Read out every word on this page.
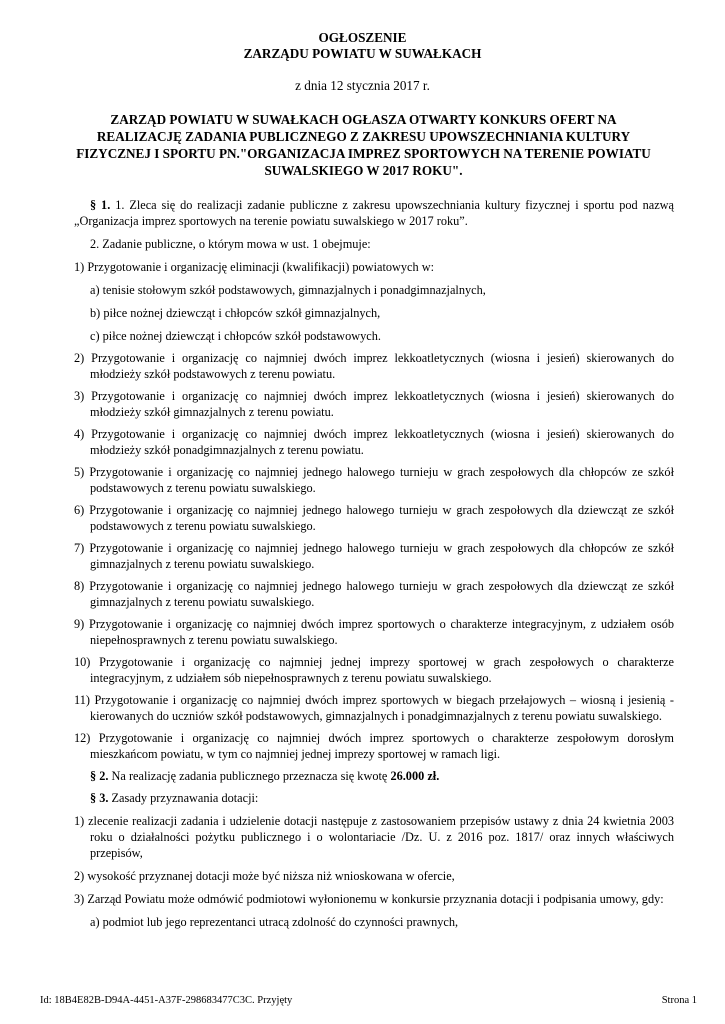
OGŁOSZENIE
ZARZĄDU POWIATU W SUWAŁKACH
z dnia 12 stycznia 2017 r.
ZARZĄD POWIATU W SUWAŁKACH OGŁASZA OTWARTY KONKURS OFERT NA
REALIZACJĘ ZADANIA PUBLICZNEGO Z ZAKRESU UPOWSZECHNIANIA KULTURY
FIZYCZNEJ I SPORTU PN."ORGANIZACJA IMPREZ SPORTOWYCH NA TERENIE POWIATU
SUWALSKIEGO W 2017 ROKU".

§ 1. 1. Zleca się do realizacji zadanie publiczne z zakresu upowszechniania kultury fizycznej i sportu pod nazwą „Organizacja imprez sportowych na terenie powiatu suwalskiego w 2017 roku”.

2. Zadanie publiczne, o którym mowa w ust. 1 obejmuje:

1) Przygotowanie i organizację eliminacji (kwalifikacji) powiatowych w:

a) tenisie stołowym szkół podstawowych, gimnazjalnych i ponadgimnazjalnych,

b) piłce nożnej dziewcząt i chłopców szkół gimnazjalnych,

c) piłce nożnej dziewcząt i chłopców szkół podstawowych.

2) Przygotowanie i organizację co najmniej dwóch imprez lekkoatletycznych (wiosna i jesień) skierowanych do młodzieży szkół podstawowych z terenu powiatu.

3) Przygotowanie i organizację co najmniej dwóch imprez lekkoatletycznych (wiosna i jesień) skierowanych do młodzieży szkół gimnazjalnych z terenu powiatu.

4) Przygotowanie i organizację co najmniej dwóch imprez lekkoatletycznych (wiosna i jesień) skierowanych do młodzieży szkół ponadgimnazjalnych z terenu powiatu.

5) Przygotowanie i organizację co najmniej jednego halowego turnieju w grach zespołowych dla chłopców ze szkół podstawowych z terenu powiatu suwalskiego.

6) Przygotowanie i organizację co najmniej jednego halowego turnieju w grach zespołowych dla dziewcząt ze szkół podstawowych z terenu powiatu suwalskiego.

7) Przygotowanie i organizację co najmniej jednego halowego turnieju w grach zespołowych dla chłopców ze szkół gimnazjalnych z terenu powiatu suwalskiego.

8) Przygotowanie i organizację co najmniej jednego halowego turnieju w grach zespołowych dla dziewcząt ze szkół gimnazjalnych z terenu powiatu suwalskiego.

9) Przygotowanie i organizację co najmniej dwóch imprez sportowych o charakterze integracyjnym, z udziałem osób niepełnosprawnych z terenu powiatu suwalskiego.

10) Przygotowanie i organizację co najmniej jednej imprezy sportowej w grach zespołowych o charakterze integracyjnym, z udziałem sób niepełnosprawnych z terenu powiatu suwalskiego.

11) Przygotowanie i organizację co najmniej dwóch imprez sportowych w biegach przełajowych – wiosną i jesienią - kierowanych do uczniów szkół podstawowych, gimnazjalnych i ponadgimnazjalnych z terenu powiatu suwalskiego.

12) Przygotowanie i organizację co najmniej dwóch imprez sportowych o charakterze zespołowym dorosłym mieszkańcom powiatu, w tym co najmniej jednej imprezy sportowej w ramach ligi.

§ 2. Na realizację zadania publicznego przeznacza się kwotę 26.000 zł.

§ 3. Zasady przyznawania dotacji:

1) zlecenie realizacji zadania i udzielenie dotacji następuje z zastosowaniem przepisów ustawy z dnia 24 kwietnia 2003 roku o działalności pożytku publicznego i o wolontariacie /Dz. U. z 2016 poz. 1817/ oraz innych właściwych przepisów,

2) wysokość przyznanej dotacji może być niższa niż wnioskowana w ofercie,

3) Zarząd Powiatu może odmówić podmiotowi wyłonionemu w konkursie przyznania dotacji i podpisania umowy, gdy:

a) podmiot lub jego reprezentanci utracą zdolność do czynności prawnych,

Id: 18B4E82B-D94A-4451-A37F-298683477C3C. Przyjęty	Strona 1
